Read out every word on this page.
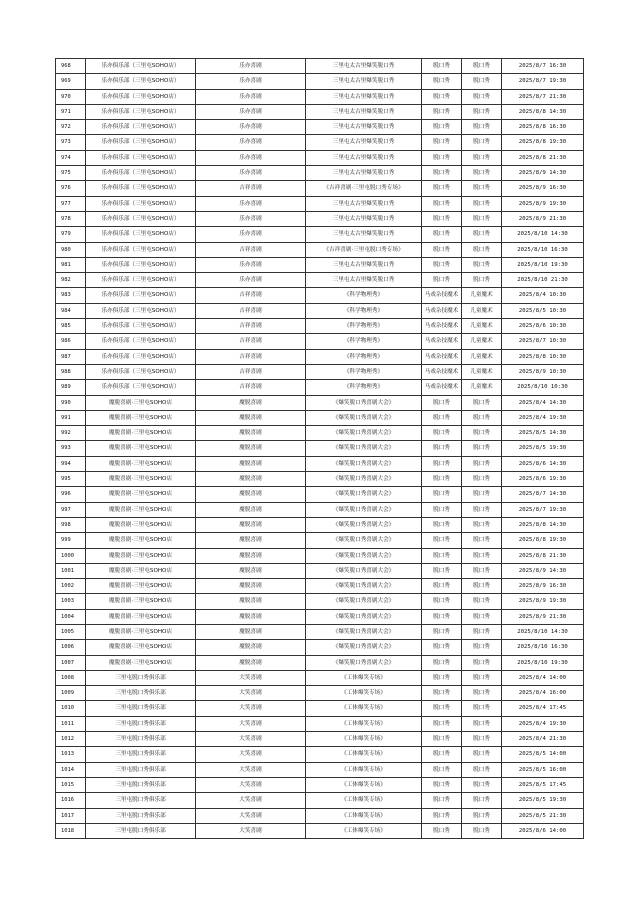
968	乐亦俱乐部（三里屯SOHO店）	乐亦喜剧	三里屯太古里爆笑脱口秀	脱口秀	脱口秀	2025/8/7 16:30
969	乐亦俱乐部（三里屯SOHO店）	乐亦喜剧	三里屯太古里爆笑脱口秀	脱口秀	脱口秀	2025/8/7 19:30
970	乐亦俱乐部（三里屯SOHO店）	乐亦喜剧	三里屯太古里爆笑脱口秀	脱口秀	脱口秀	2025/8/7 21:30
971	乐亦俱乐部（三里屯SOHO店）	乐亦喜剧	三里屯太古里爆笑脱口秀	脱口秀	脱口秀	2025/8/8 14:30
972	乐亦俱乐部（三里屯SOHO店）	乐亦喜剧	三里屯太古里爆笑脱口秀	脱口秀	脱口秀	2025/8/8 16:30
973	乐亦俱乐部（三里屯SOHO店）	乐亦喜剧	三里屯太古里爆笑脱口秀	脱口秀	脱口秀	2025/8/8 19:30
974	乐亦俱乐部（三里屯SOHO店）	乐亦喜剧	三里屯太古里爆笑脱口秀	脱口秀	脱口秀	2025/8/8 21:30
975	乐亦俱乐部（三里屯SOHO店）	乐亦喜剧	三里屯太古里爆笑脱口秀	脱口秀	脱口秀	2025/8/9 14:30
976	乐亦俱乐部（三里屯SOHO店）	吉祥喜剧	《吉祥喜剧·三里屯脱口秀专场》	脱口秀	脱口秀	2025/8/9 16:30
977	乐亦俱乐部（三里屯SOHO店）	乐亦喜剧	三里屯太古里爆笑脱口秀	脱口秀	脱口秀	2025/8/9 19:30
978	乐亦俱乐部（三里屯SOHO店）	乐亦喜剧	三里屯太古里爆笑脱口秀	脱口秀	脱口秀	2025/8/9 21:30
979	乐亦俱乐部（三里屯SOHO店）	乐亦喜剧	三里屯太古里爆笑脱口秀	脱口秀	脱口秀	2025/8/10 14:30
980	乐亦俱乐部（三里屯SOHO店）	吉祥喜剧	《吉祥喜剧·三里屯脱口秀专场》	脱口秀	脱口秀	2025/8/10 16:30
981	乐亦俱乐部（三里屯SOHO店）	乐亦喜剧	三里屯太古里爆笑脱口秀	脱口秀	脱口秀	2025/8/10 19:30
982	乐亦俱乐部（三里屯SOHO店）	乐亦喜剧	三里屯太古里爆笑脱口秀	脱口秀	脱口秀	2025/8/10 21:30
983	乐亦俱乐部（三里屯SOHO店）	吉祥喜剧	《科学物理秀》	马戏杂技魔术	儿童魔术	2025/8/4 10:30
984	乐亦俱乐部（三里屯SOHO店）	吉祥喜剧	《科学物理秀》	马戏杂技魔术	儿童魔术	2025/8/5 10:30
985	乐亦俱乐部（三里屯SOHO店）	吉祥喜剧	《科学物理秀》	马戏杂技魔术	儿童魔术	2025/8/6 10:30
986	乐亦俱乐部（三里屯SOHO店）	吉祥喜剧	《科学物理秀》	马戏杂技魔术	儿童魔术	2025/8/7 10:30
987	乐亦俱乐部（三里屯SOHO店）	吉祥喜剧	《科学物理秀》	马戏杂技魔术	儿童魔术	2025/8/8 10:30
988	乐亦俱乐部（三里屯SOHO店）	吉祥喜剧	《科学物理秀》	马戏杂技魔术	儿童魔术	2025/8/9 10:30
989	乐亦俱乐部（三里屯SOHO店）	吉祥喜剧	《科学物理秀》	马戏杂技魔术	儿童魔术	2025/8/10 10:30
990	魔脱喜剧·三里屯SOHO店	魔脱喜剧	《爆笑脱口秀喜剧大会》	脱口秀	脱口秀	2025/8/4 14:30
991	魔脱喜剧·三里屯SOHO店	魔脱喜剧	《爆笑脱口秀喜剧大会》	脱口秀	脱口秀	2025/8/4 19:30
992	魔脱喜剧·三里屯SOHO店	魔脱喜剧	《爆笑脱口秀喜剧大会》	脱口秀	脱口秀	2025/8/5 14:30
993	魔脱喜剧·三里屯SOHO店	魔脱喜剧	《爆笑脱口秀喜剧大会》	脱口秀	脱口秀	2025/8/5 19:30
994	魔脱喜剧·三里屯SOHO店	魔脱喜剧	《爆笑脱口秀喜剧大会》	脱口秀	脱口秀	2025/8/6 14:30
995	魔脱喜剧·三里屯SOHO店	魔脱喜剧	《爆笑脱口秀喜剧大会》	脱口秀	脱口秀	2025/8/6 19:30
996	魔脱喜剧·三里屯SOHO店	魔脱喜剧	《爆笑脱口秀喜剧大会》	脱口秀	脱口秀	2025/8/7 14:30
997	魔脱喜剧·三里屯SOHO店	魔脱喜剧	《爆笑脱口秀喜剧大会》	脱口秀	脱口秀	2025/8/7 19:30
998	魔脱喜剧·三里屯SOHO店	魔脱喜剧	《爆笑脱口秀喜剧大会》	脱口秀	脱口秀	2025/8/8 14:30
999	魔脱喜剧·三里屯SOHO店	魔脱喜剧	《爆笑脱口秀喜剧大会》	脱口秀	脱口秀	2025/8/8 19:30
1000	魔脱喜剧·三里屯SOHO店	魔脱喜剧	《爆笑脱口秀喜剧大会》	脱口秀	脱口秀	2025/8/8 21:30
1001	魔脱喜剧·三里屯SOHO店	魔脱喜剧	《爆笑脱口秀喜剧大会》	脱口秀	脱口秀	2025/8/9 14:30
1002	魔脱喜剧·三里屯SOHO店	魔脱喜剧	《爆笑脱口秀喜剧大会》	脱口秀	脱口秀	2025/8/9 16:30
1003	魔脱喜剧·三里屯SOHO店	魔脱喜剧	《爆笑脱口秀喜剧大会》	脱口秀	脱口秀	2025/8/9 19:30
1004	魔脱喜剧·三里屯SOHO店	魔脱喜剧	《爆笑脱口秀喜剧大会》	脱口秀	脱口秀	2025/8/9 21:30
1005	魔脱喜剧·三里屯SOHO店	魔脱喜剧	《爆笑脱口秀喜剧大会》	脱口秀	脱口秀	2025/8/10 14:30
1006	魔脱喜剧·三里屯SOHO店	魔脱喜剧	《爆笑脱口秀喜剧大会》	脱口秀	脱口秀	2025/8/10 16:30
1007	魔脱喜剧·三里屯SOHO店	魔脱喜剧	《爆笑脱口秀喜剧大会》	脱口秀	脱口秀	2025/8/10 19:30
1008	三里屯脱口秀俱乐部	大笑喜剧	《工体爆笑专场》	脱口秀	脱口秀	2025/8/4 14:00
1009	三里屯脱口秀俱乐部	大笑喜剧	《工体爆笑专场》	脱口秀	脱口秀	2025/8/4 16:00
1010	三里屯脱口秀俱乐部	大笑喜剧	《工体爆笑专场》	脱口秀	脱口秀	2025/8/4 17:45
1011	三里屯脱口秀俱乐部	大笑喜剧	《工体爆笑专场》	脱口秀	脱口秀	2025/8/4 19:30
1012	三里屯脱口秀俱乐部	大笑喜剧	《工体爆笑专场》	脱口秀	脱口秀	2025/8/4 21:30
1013	三里屯脱口秀俱乐部	大笑喜剧	《工体爆笑专场》	脱口秀	脱口秀	2025/8/5 14:00
1014	三里屯脱口秀俱乐部	大笑喜剧	《工体爆笑专场》	脱口秀	脱口秀	2025/8/5 16:00
1015	三里屯脱口秀俱乐部	大笑喜剧	《工体爆笑专场》	脱口秀	脱口秀	2025/8/5 17:45
1016	三里屯脱口秀俱乐部	大笑喜剧	《工体爆笑专场》	脱口秀	脱口秀	2025/8/5 19:30
1017	三里屯脱口秀俱乐部	大笑喜剧	《工体爆笑专场》	脱口秀	脱口秀	2025/8/5 21:30
1018	三里屯脱口秀俱乐部	大笑喜剧	《工体爆笑专场》	脱口秀	脱口秀	2025/8/6 14:00
